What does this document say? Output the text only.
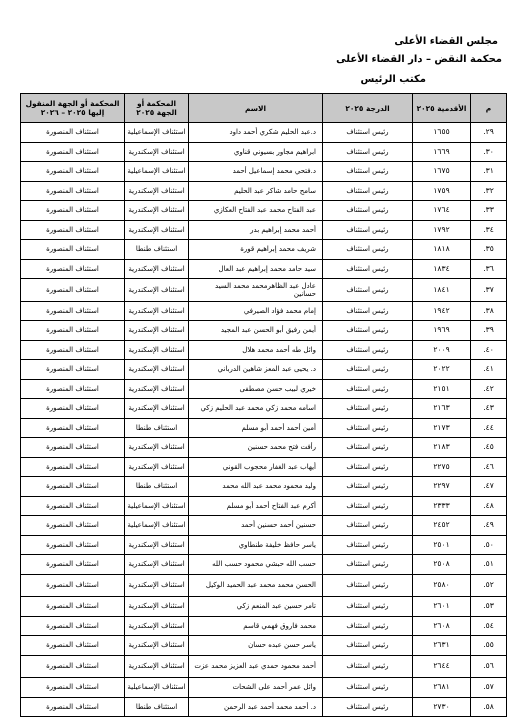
مجلس القضاء الأعلى
محكمة النقض – دار القضاء الأعلى
مكتب الرئيس
م	الأقدمية ٢٠٢٥	الدرجة ٢٠٢٥	الاسم	المحكمة أو الجهة ٢٠٢٥	المحكمة أو الجهة المنقول إليها ٢٠٢٥ – ٢٠٢٦
٢٩.	١٦٥٥	رئيس استئناف	د.عبد الحليم شكري أحمد داود	استئناف الإسماعيلية	استئناف المنصورة
٣٠.	١٦٦٩	رئيس استئناف	ابراهيم مجاور بسيوني قناوي	استئناف الإسكندرية	استئناف المنصورة
٣١.	١٦٧٥	رئيس استئناف	د.فتحي محمد إسماعيل أحمد	استئناف الإسماعيلية	استئناف المنصورة
٣٢.	١٧٥٩	رئيس استئناف	سامح حامد شاكر عبد الحليم	استئناف الإسكندرية	استئناف المنصورة
٣٣.	١٧٦٤	رئيس استئناف	عبد الفتاح محمد عبد الفتاح العكازي	استئناف الإسكندرية	استئناف المنصورة
٣٤.	١٧٩٢	رئيس استئناف	أحمد محمد إبراهيم بدر	استئناف الإسكندرية	استئناف المنصورة
٣٥.	١٨١٨	رئيس استئناف	شريف محمد إبراهيم قورة	استئناف طنطا	استئناف المنصورة
٣٦.	١٨٣٤	رئيس استئناف	سيد حامد محمد إبراهيم عبد العال	استئناف الإسكندرية	استئناف المنصورة
٣٧.	١٨٤١	رئيس استئناف	عادل عبد الظاهرمحمد محمد السيد حسانين	استئناف الإسكندرية	استئناف المنصورة
٣٨.	١٩٤٢	رئيس استئناف	إمام محمد فؤاد الصيرفي	استئناف الإسكندرية	استئناف المنصورة
٣٩.	١٩٦٩	رئيس استئناف	أيمن رفيق أبو الحسن عبد المجيد	استئناف الإسكندرية	استئناف المنصورة
٤٠.	٢٠٠٩	رئيس استئناف	وائل طه أحمد محمد هلال	استئناف الإسكندرية	استئناف المنصورة
٤١.	٢٠٢٢	رئيس استئناف	د. يحيى عبد المعز شاهين الدرباني	استئناف الإسكندرية	استئناف المنصورة
٤٢.	٢١٥١	رئيس استئناف	خيري لبيب حسن مصطفى	استئناف الإسكندرية	استئناف المنصورة
٤٣.	٢١٦٣	رئيس استئناف	اسامه محمد زكي محمد عبد الحليم زكي	استئناف الإسكندرية	استئناف المنصورة
٤٤.	٢١٧٣	رئيس استئناف	أمين أحمد أحمد أبو مسلم	استئناف طنطا	استئناف المنصورة
٤٥.	٢١٨٣	رئيس استئناف	رأفت فتح محمد حسنين	استئناف الإسكندرية	استئناف المنصورة
٤٦.	٢٢٧٥	رئيس استئناف	أيهاب عبد الغفار محجوب القوني	استئناف الإسكندرية	استئناف المنصورة
٤٧.	٢٢٩٧	رئيس استئناف	وليد محمود محمد عبد الله محمد	استئناف طنطا	استئناف المنصورة
٤٨.	٢٣٣٣	رئيس استئناف	أكرم عبد الفتاح أحمد أبو مسلم	استئناف الإسماعيلية	استئناف المنصورة
٤٩.	٢٤٥٢	رئيس استئناف	حسنين أحمد حسنين أحمد	استئناف الإسماعيلية	استئناف المنصورة
٥٠.	٢٥٠١	رئيس استئناف	ياسر حافظ خليفة طنطاوي	استئناف الإسكندرية	استئناف المنصورة
٥١.	٢٥٠٨	رئيس استئناف	حسب الله حبشي محمود حسب الله	استئناف الإسكندرية	استئناف المنصورة
٥٢.	٢٥٨٠	رئيس استئناف	الحسن محمد محمد عبد الحميد الوكيل	استئناف الإسكندرية	استئناف المنصورة
٥٣.	٢٦٠١	رئيس استئناف	تامر حسين عبد المنعم زكي	استئناف الإسكندرية	استئناف المنصورة
٥٤.	٢٦٠٨	رئيس استئناف	محمد فاروق فهمي قاسم	استئناف الإسكندرية	استئناف المنصورة
٥٥.	٢٦٣١	رئيس استئناف	ياسر حسن عبده حسان	استئناف الإسكندرية	استئناف المنصورة
٥٦.	٢٦٤٤	رئيس استئناف	أحمد محمود حمدي عبد العزيز محمد عزت	استئناف الإسكندرية	استئناف المنصورة
٥٧.	٢٦٨١	رئيس استئناف	وائل عمر أحمد على الشحات	استئناف الإسماعيلية	استئناف المنصورة
٥٨.	٢٧٣٠	رئيس استئناف	د. أحمد محمد أحمد عبد الرحمن	استئناف طنطا	استئناف المنصورة
